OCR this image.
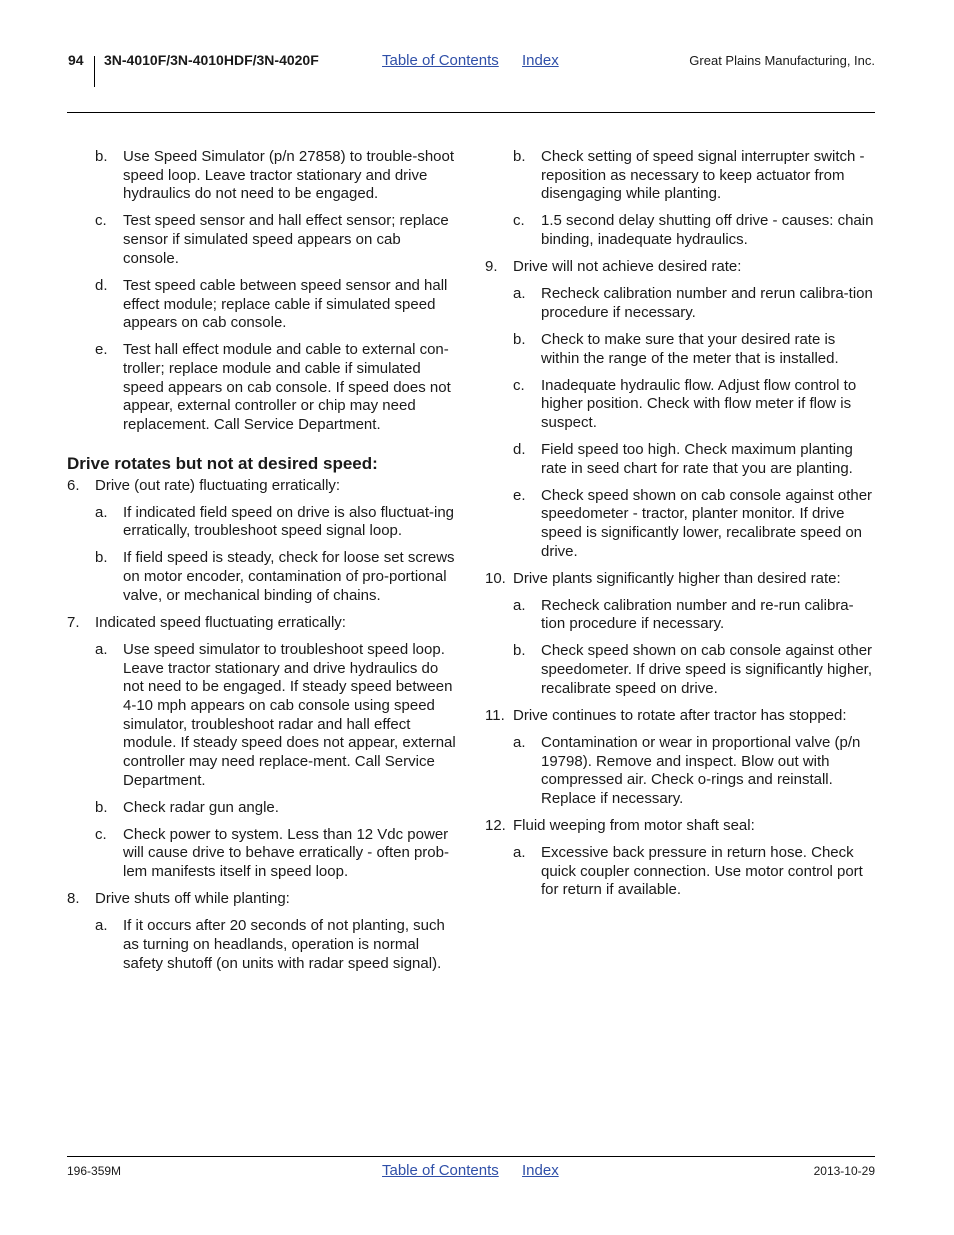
94 3N-4010F/3N-4010HDF/3N-4020F	Table of Contents Index	Great Plains Manufacturing, Inc.
b. Use Speed Simulator (p/n 27858) to trouble-shoot speed loop. Leave tractor stationary and drive hydraulics do not need to be engaged.
c. Test speed sensor and hall effect sensor; replace sensor if simulated speed appears on cab console.
d. Test speed cable between speed sensor and hall effect module; replace cable if simulated speed appears on cab console.
e. Test hall effect module and cable to external con-troller; replace module and cable if simulated speed appears on cab console. If speed does not appear, external controller or chip may need replacement. Call Service Department.
Drive rotates but not at desired speed:
6. Drive (out rate) fluctuating erratically:
a. If indicated field speed on drive is also fluctuat-ing erratically, troubleshoot speed signal loop.
b. If field speed is steady, check for loose set screws on motor encoder, contamination of pro-portional valve, or mechanical binding of chains.
7. Indicated speed fluctuating erratically:
a. Use speed simulator to troubleshoot speed loop. Leave tractor stationary and drive hydraulics do not need to be engaged. If steady speed between 4-10 mph appears on cab console using speed simulator, troubleshoot radar and hall effect module. If steady speed does not appear, external controller may need replace-ment. Call Service Department.
b. Check radar gun angle.
c. Check power to system. Less than 12 Vdc power will cause drive to behave erratically - often prob-lem manifests itself in speed loop.
8. Drive shuts off while planting:
a. If it occurs after 20 seconds of not planting, such as turning on headlands, operation is normal safety shutoff (on units with radar speed signal).
b. Check setting of speed signal interrupter switch - reposition as necessary to keep actuator from disengaging while planting.
c. 1.5 second delay shutting off drive - causes: chain binding, inadequate hydraulics.
9. Drive will not achieve desired rate:
a. Recheck calibration number and rerun calibra-tion procedure if necessary.
b. Check to make sure that your desired rate is within the range of the meter that is installed.
c. Inadequate hydraulic flow. Adjust flow control to higher position. Check with flow meter if flow is suspect.
d. Field speed too high. Check maximum planting rate in seed chart for rate that you are planting.
e. Check speed shown on cab console against other speedometer - tractor, planter monitor. If drive speed is significantly lower, recalibrate speed on drive.
10. Drive plants significantly higher than desired rate:
a. Recheck calibration number and re-run calibra-tion procedure if necessary.
b. Check speed shown on cab console against other speedometer. If drive speed is significantly higher, recalibrate speed on drive.
11. Drive continues to rotate after tractor has stopped:
a. Contamination or wear in proportional valve (p/n 19798). Remove and inspect. Blow out with compressed air. Check o-rings and reinstall. Replace if necessary.
12. Fluid weeping from motor shaft seal:
a. Excessive back pressure in return hose. Check quick coupler connection. Use motor control port for return if available.
196-359M	Table of Contents Index	2013-10-29
